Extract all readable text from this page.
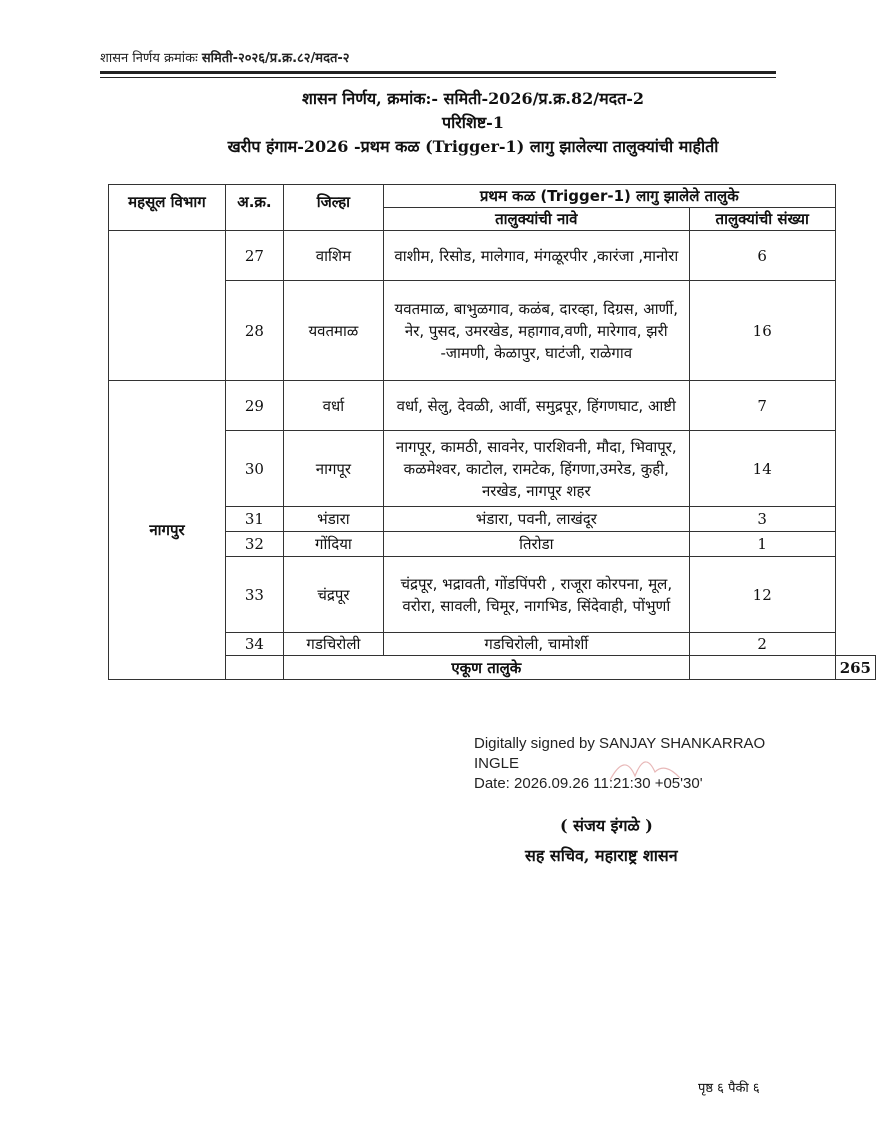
शासन निर्णय क्रमांकः समिती-२०२६/प्र.क्र.८२/मदत-२
शासन निर्णय, क्रमांक:- समिती-2026/प्र.क्र.82/मदत-2
परिशिष्ट-1
खरीप हंगाम-2026 -प्रथम कळ (Trigger-1) लागु झालेल्या तालुक्यांची माहीती
महसूल विभाग	अ.क्र.	जिल्हा	प्रथम कळ (Trigger-1) लागु झालेले तालुके		
			तालुक्यांची नावे	तालुक्यांची संख्या	
	27	वाशिम	वाशीम, रिसोड, मालेगाव, मंगळूरपीर ,कारंजा ,मानोरा	6	
	28	यवतमाळ	यवतमाळ, बाभुळगाव, कळंब, दारव्हा, दिग्रस, आर्णी, नेर, पुसद, उमरखेड, महागाव,वणी, मारेगाव, झरी -जामणी, केळापुर, घाटंजी, राळेगाव	16	
नागपुर	29	वर्धा	वर्धा, सेलु, देवळी, आर्वी, समुद्रपूर, हिंगणघाट, आष्टी	7	
	30	नागपूर	नागपूर, कामठी, सावनेर, पारशिवनी, मौदा, भिवापूर, कळमेश्वर, काटोल, रामटेक, हिंगणा,उमरेड, कुही, नरखेड, नागपूर शहर	14	
	31	भंडारा	भंडारा, पवनी, लाखंदूर	3	
	32	गोंदिया	तिरोडा	1	
	33	चंद्रपूर	चंद्रपूर, भद्रावती, गोंडपिंपरी , राजूरा कोरपना, मूल, वरोरा, सावली, चिमूर, नागभिड, सिंदेवाही, पोंभुर्णा	12	
	34	गडचिरोली	गडचिरोली, चामोर्शी	2	
		एकूण तालुके			265
Digitally signed by SANJAY SHANKARRAO
INGLE
Date: 2026.09.26 11:21:30 +05'30'
( संजय इंगळे )
सह सचिव, महाराष्ट्र शासन
पृष्ठ ६ पैकी ६
